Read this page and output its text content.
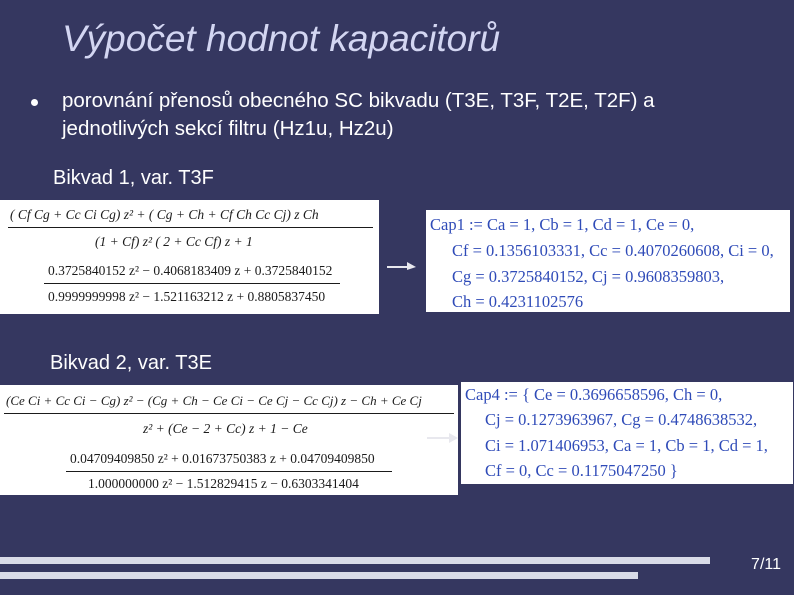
Výpočet hodnot kapacitorů
porovnání přenosů obecného SC bikvadu (T3E, T3F, T2E, T2F) a jednotlivých sekcí filtru (Hz1u, Hz2u)
Bikvad 1, var. T3F
( Cf Cg + Cc Ci Cg) z² + ( Cg + Ch + Cf Ch Cc Cj) z Ch
(1 + Cf) z² ( 2 + Cc Cf) z + 1
0.3725840152 z² − 0.4068183409 z + 0.3725840152
0.9999999998 z² − 1.521163212 z + 0.8805837450
Cap1 := Ca = 1, Cb = 1, Cd = 1, Ce = 0,
Cf = 0.1356103331, Cc = 0.4070260608, Ci = 0,
Cg = 0.3725840152, Cj = 0.9608359803,
Ch = 0.4231102576
Bikvad 2, var. T3E
(Ce Ci + Cc Ci − Cg) z² − (Cg + Ch − Ce Ci − Ce Cj − Cc Cj) z − Ch + Ce Cj
z² + (Ce − 2 + Cc) z + 1 − Ce
0.04709409850 z² + 0.01673750383 z + 0.04709409850
1.000000000 z² − 1.512829415 z − 0.6303341404
Cap4 := { Ce = 0.3696658596, Ch = 0,
Cj = 0.1273963967, Cg = 0.4748638532,
Ci = 1.071406953, Ca = 1, Cb = 1, Cd = 1,
Cf = 0, Cc = 0.1175047250 }
7/11
